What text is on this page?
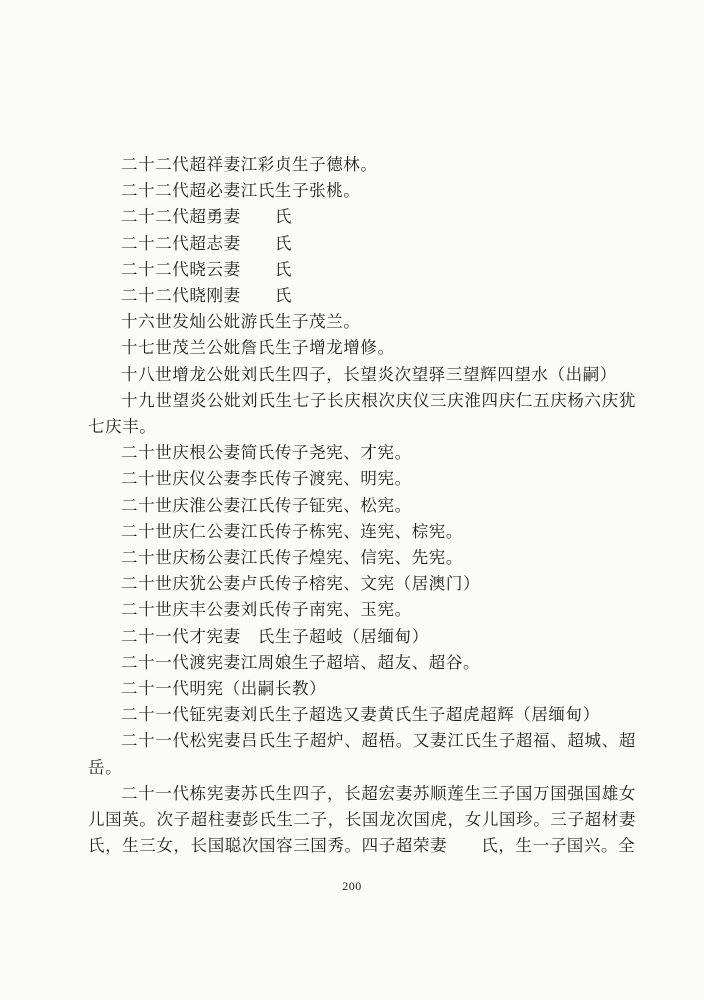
二十二代超祥妻江彩贞生子德林。

二十二代超必妻江氏生子张桃。

二十二代超勇妻　　氏

二十二代超志妻　　氏

二十二代晓云妻　　氏

二十二代晓刚妻　　氏

十六世发灿公妣游氏生子茂兰。

十七世茂兰公妣詹氏生子增龙增修。

十八世增龙公妣刘氏生四子，长望炎次望驿三望辉四望水（出嗣）

十九世望炎公妣刘氏生七子长庆根次庆仪三庆淮四庆仁五庆杨六庆犹七庆丰。

二十世庆根公妻简氏传子尧宪、才宪。

二十世庆仪公妻李氏传子渡宪、明宪。

二十世庆淮公妻江氏传子钲宪、松宪。

二十世庆仁公妻江氏传子栋宪、连宪、棕宪。

二十世庆杨公妻江氏传子煌宪、信宪、先宪。

二十世庆犹公妻卢氏传子榕宪、文宪（居澳门）

二十世庆丰公妻刘氏传子南宪、玉宪。

二十一代才宪妻　氏生子超岐（居缅甸）

二十一代渡宪妻江周娘生子超培、超友、超谷。

二十一代明宪（出嗣长教）

二十一代钲宪妻刘氏生子超选又妻黄氏生子超虎超辉（居缅甸）

二十一代松宪妻吕氏生子超炉、超梧。又妻江氏生子超福、超城、超岳。

二十一代栋宪妻苏氏生四子，长超宏妻苏顺莲生三子国万国强国雄女儿国英。次子超柱妻彭氏生二子，长国龙次国虎，女儿国珍。三子超材妻　氏，生三女，长国聪次国容三国秀。四子超荣妻　　氏，生一子国兴。全

200
